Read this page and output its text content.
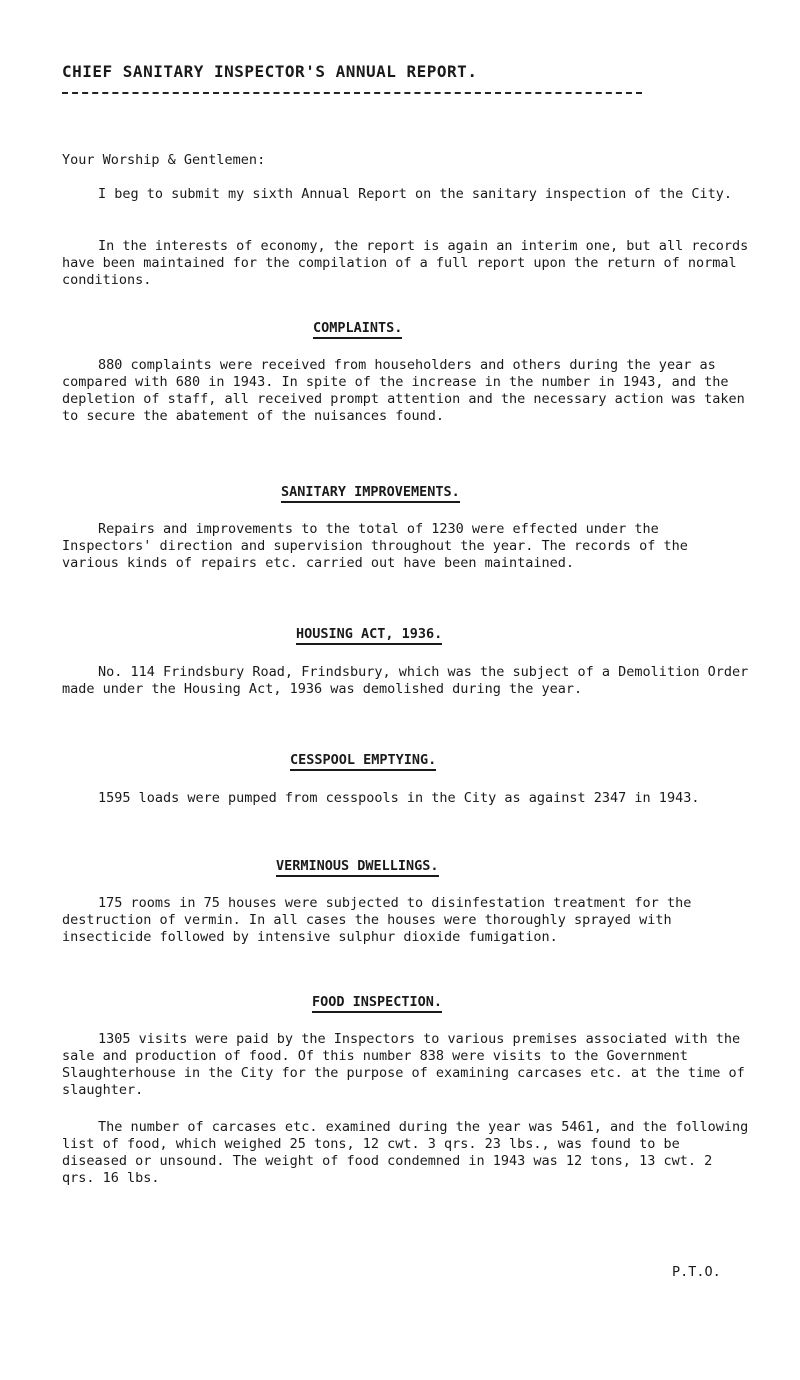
CHIEF SANITARY INSPECTOR'S ANNUAL REPORT.
Your Worship & Gentlemen:
I beg to submit my sixth Annual Report on the sanitary inspection of the City.
In the interests of economy, the report is again an interim one, but all records have been maintained for the compilation of a full report upon the return of normal conditions.
COMPLAINTS.
880 complaints were received from householders and others during the year as compared with 680 in 1943. In spite of the increase in the number in 1943, and the depletion of staff, all received prompt attention and the necessary action was taken to secure the abatement of the nuisances found.
SANITARY IMPROVEMENTS.
Repairs and improvements to the total of 1230 were effected under the Inspectors' direction and supervision throughout the year. The records of the various kinds of repairs etc. carried out have been maintained.
HOUSING ACT, 1936.
No. 114 Frindsbury Road, Frindsbury, which was the subject of a Demolition Order made under the Housing Act, 1936 was demolished during the year.
CESSPOOL EMPTYING.
1595 loads were pumped from cesspools in the City as against 2347 in 1943.
VERMINOUS DWELLINGS.
175 rooms in 75 houses were subjected to disinfestation treatment for the destruction of vermin. In all cases the houses were thoroughly sprayed with insecticide followed by intensive sulphur dioxide fumigation.
FOOD INSPECTION.
1305 visits were paid by the Inspectors to various premises associated with the sale and production of food. Of this number 838 were visits to the Government Slaughterhouse in the City for the purpose of examining carcases etc. at the time of slaughter.
The number of carcases etc. examined during the year was 5461, and the following list of food, which weighed 25 tons, 12 cwt. 3 qrs. 23 lbs., was found to be diseased or unsound. The weight of food condemned in 1943 was 12 tons, 13 cwt. 2 qrs. 16 lbs.
P.T.O.
